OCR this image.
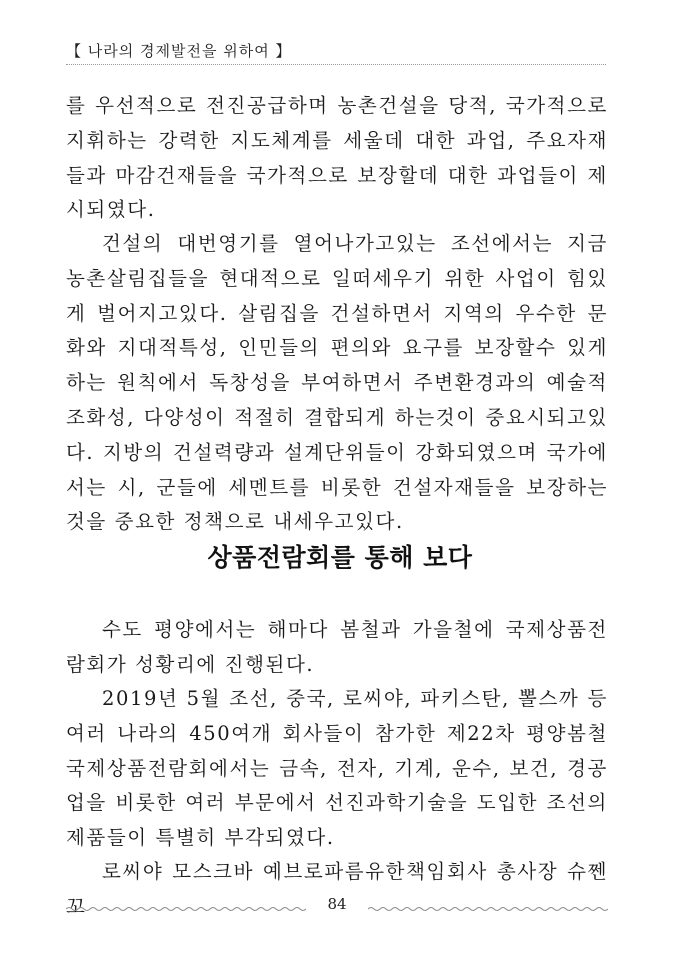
【 나라의 경제발전을 위하여 】

를 우선적으로 전진공급하며 농촌건설을 당적, 국가적으로 지휘하는 강력한 지도체계를 세울데 대한 과업, 주요자재들과 마감건재들을 국가적으로 보장할데 대한 과업들이 제시되였다.

건설의 대번영기를 열어나가고있는 조선에서는 지금 농촌살림집들을 현대적으로 일떠세우기 위한 사업이 힘있게 벌어지고있다. 살림집을 건설하면서 지역의 우수한 문화와 지대적특성, 인민들의 편의와 요구를 보장할수 있게 하는 원칙에서 독창성을 부여하면서 주변환경과의 예술적조화성, 다양성이 적절히 결합되게 하는것이 중요시되고있다. 지방의 건설력량과 설계단위들이 강화되였으며 국가에서는 시, 군들에 세멘트를 비롯한 건설자재들을 보장하는것을 중요한 정책으로 내세우고있다.

상품전람회를 통해 보다

수도 평양에서는 해마다 봄철과 가을철에 국제상품전람회가 성황리에 진행된다.

2019년 5월 조선, 중국, 로씨야, 파키스탄, 뽈스까 등 여러 나라의 450여개 회사들이 참가한 제22차 평양봄철국제상품전람회에서는 금속, 전자, 기계, 운수, 보건, 경공업을 비롯한 여러 부문에서 선진과학기술을 도입한 조선의 제품들이 특별히 부각되였다.

로씨야 모스크바 예브로파름유한책임회사 총사장 슈쩬꼬	84
